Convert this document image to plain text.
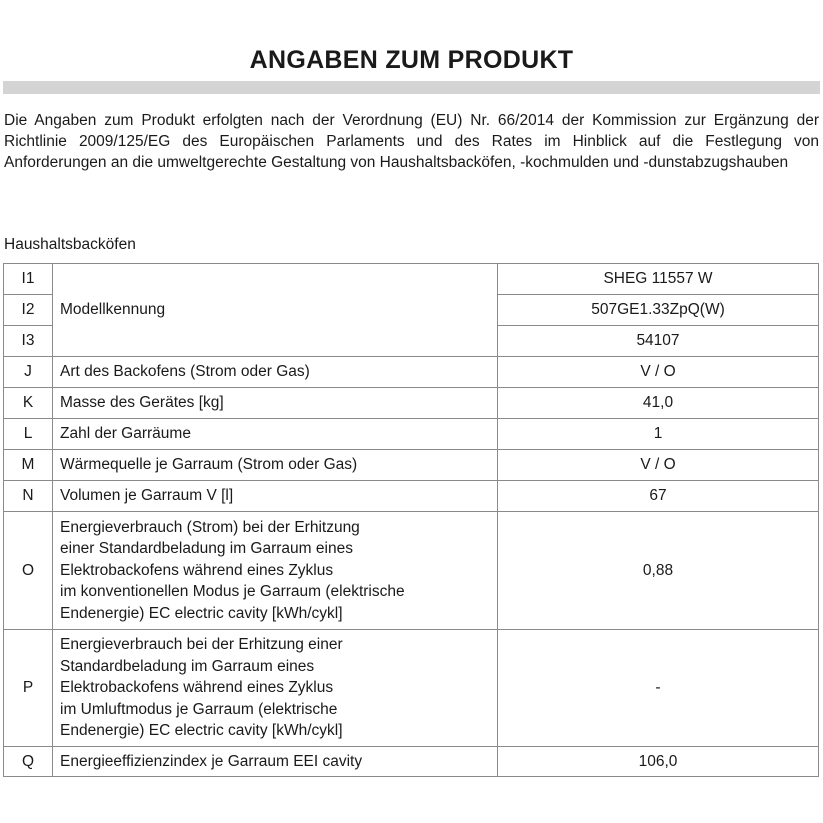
ANGABEN ZUM PRODUKT
Die Angaben zum Produkt erfolgten nach der Verordnung (EU) Nr. 66/2014 der Kommission zur Ergänzung der Richtlinie 2009/125/EG des Europäischen Parlaments und des Rates im Hinblick auf die Festlegung von Anforderungen an die umweltgerechte Gestaltung von Haushaltsbacköfen, -kochmulden und -dunstabzugshauben
Haushaltsbacköfen
I1	Modellkennung	SHEG 11557 W
I2		507GE1.33ZpQ(W)
I3		54107
J	Art des Backofens (Strom oder Gas)	V / O
K	Masse des Gerätes [kg]	41,0
L	Zahl der Garräume	1
M	Wärmequelle je Garraum (Strom oder Gas)	V / O
N	Volumen je Garraum V [l]	67
O	Energieverbrauch (Strom) bei der Erhitzung
einer Standardbeladung im Garraum eines
Elektrobackofens während eines Zyklus
im konventionellen Modus je Garraum (elektrische
Endenergie) EC electric cavity [kWh/cykl]	0,88
P	Energieverbrauch bei der Erhitzung einer
Standardbeladung im Garraum eines
Elektrobackofens während eines Zyklus
im Umluftmodus je Garraum (elektrische
Endenergie) EC electric cavity [kWh/cykl]	-
Q	Energieeffizienzindex je Garraum EEI cavity	106,0
